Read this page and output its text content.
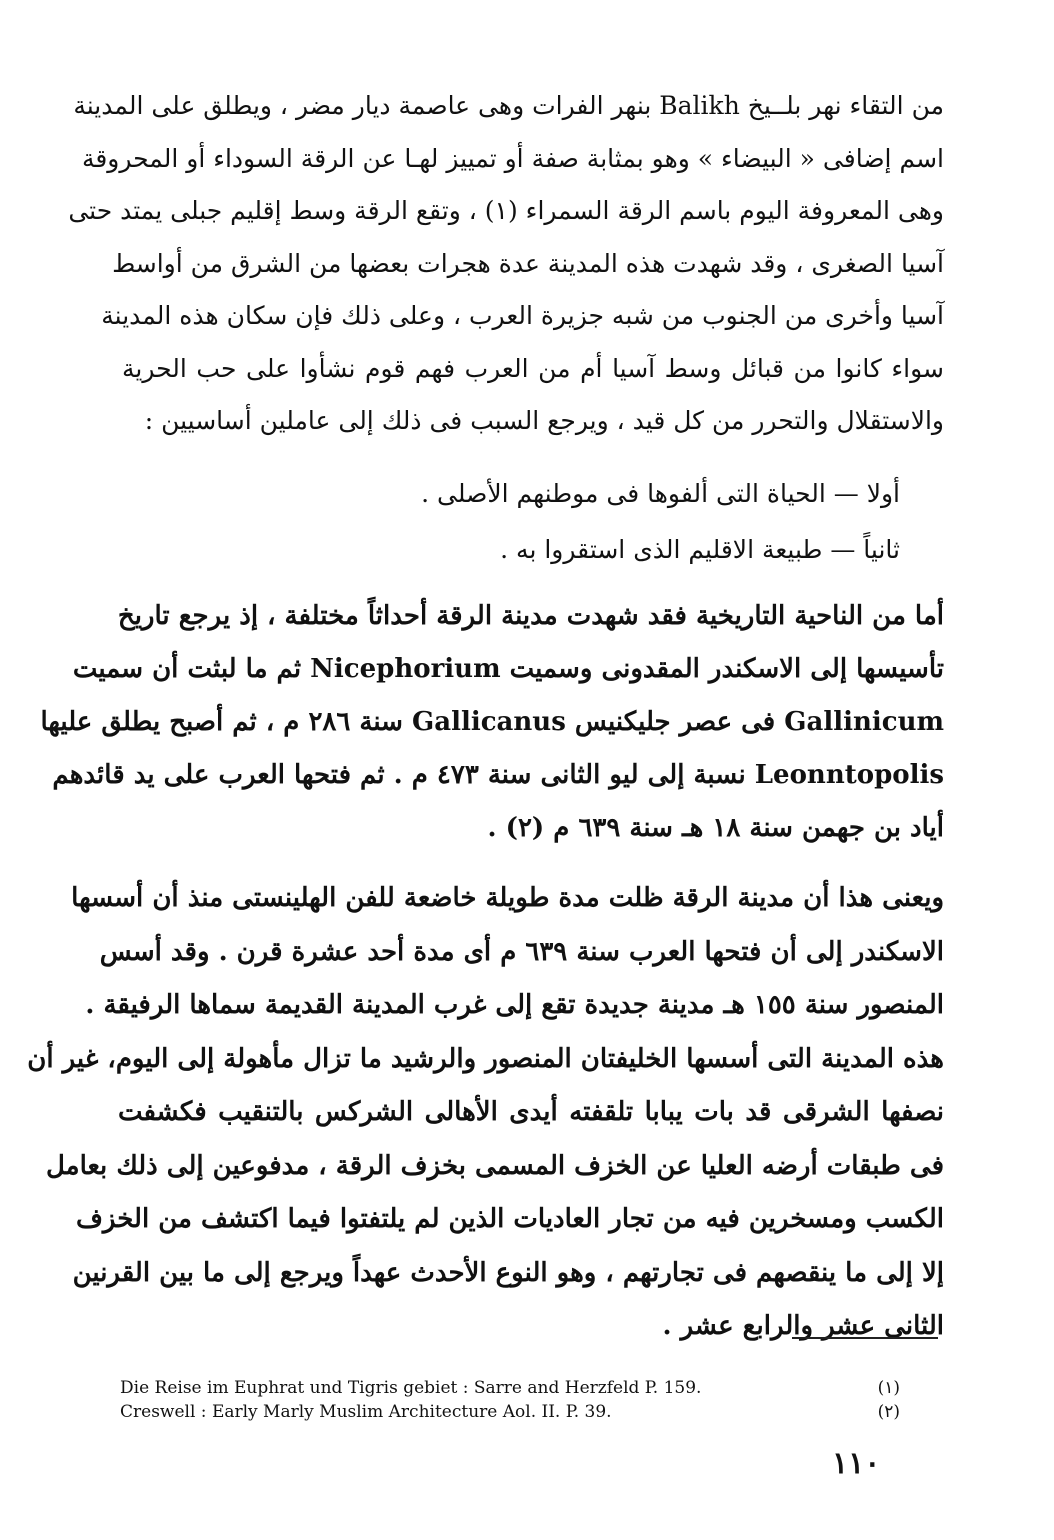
من التقاء نهر بلــيخ Balikh بنهر الفرات وهى عاصمة ديار مضر ، ويطلق على المدينة
اسم إضافى « البيضاء » وهو بمثابة صفة أو تمييز لهـا عن الرقة السوداء أو المحروقة
وهى المعروفة اليوم باسم الرقة السمراء (١) ، وتقع الرقة وسط إقليم جبلى يمتد حتى
آسيا الصغرى ، وقد شهدت هذه المدينة عدة هجرات بعضها من الشرق من أواسط
آسيا وأخرى من الجنوب من شبه جزيرة العرب ، وعلى ذلك فإن سكان هذه المدينة
سواء كانوا من قبائل وسط آسيا أم من العرب فهم قوم نشأوا على حب الحرية
والاستقلال والتحرر من كل قيد ، ويرجع السبب فى ذلك إلى عاملين أساسيين :
أولا — الحياة التى ألفوها فى موطنهم الأصلى .
ثانياً — طبيعة الاقليم الذى استقروا به .
أما من الناحية التاريخية فقد شهدت مدينة الرقة أحداثاً مختلفة ، إذ يرجع تاريخ
تأسيسها إلى الاسكندر المقدونى وسميت Nicephorium ثم ما لبثت أن سميت
Gallinicum فى عصر جليكنيس Gallicanus سنة ٢٨٦ م ، ثم أصبح يطلق عليها
Leonntopolis نسبة إلى ليو الثانى سنة ٤٧٣ م . ثم فتحها العرب على يد قائدهم
أياد بن جهمن سنة ١٨ هـ سنة ٦٣٩ م (٢) .
ويعنى هذا أن مدينة الرقة ظلت مدة طويلة خاضعة للفن الهلينستى منذ أن أسسها
الاسكندر إلى أن فتحها العرب سنة ٦٣٩ م أى مدة أحد عشرة قرن . وقد أسس
المنصور سنة ١٥٥ هـ مدينة جديدة تقع إلى غرب المدينة القديمة سماها الرفيقة .
هذه المدينة التى أسسها الخليفتان المنصور والرشيد ما تزال مأهولة إلى اليوم، غير أن
نصفها الشرقى قد بات يبابا تلقفته أيدى الأهالى الشركس بالتنقيب فكشفت
فى طبقات أرضه العليا عن الخزف المسمى بخزف الرقة ، مدفوعين إلى ذلك بعامل
الكسب ومسخرين فيه من تجار العاديات الذين لم يلتفتوا فيما اكتشف من الخزف
إلا إلى ما ينقصهم فى تجارتهم ، وهو النوع الأحدث عهداً ويرجع إلى ما بين القرنين
الثانى عشر والرابع عشر .
Die Reise im Euphrat und Tigris gebiet : Sarre and Herzfeld P. 159.	(١)
Creswell : Early Marly Muslim Architecture Aol. II. P. 39.	(٢)
١١٠
